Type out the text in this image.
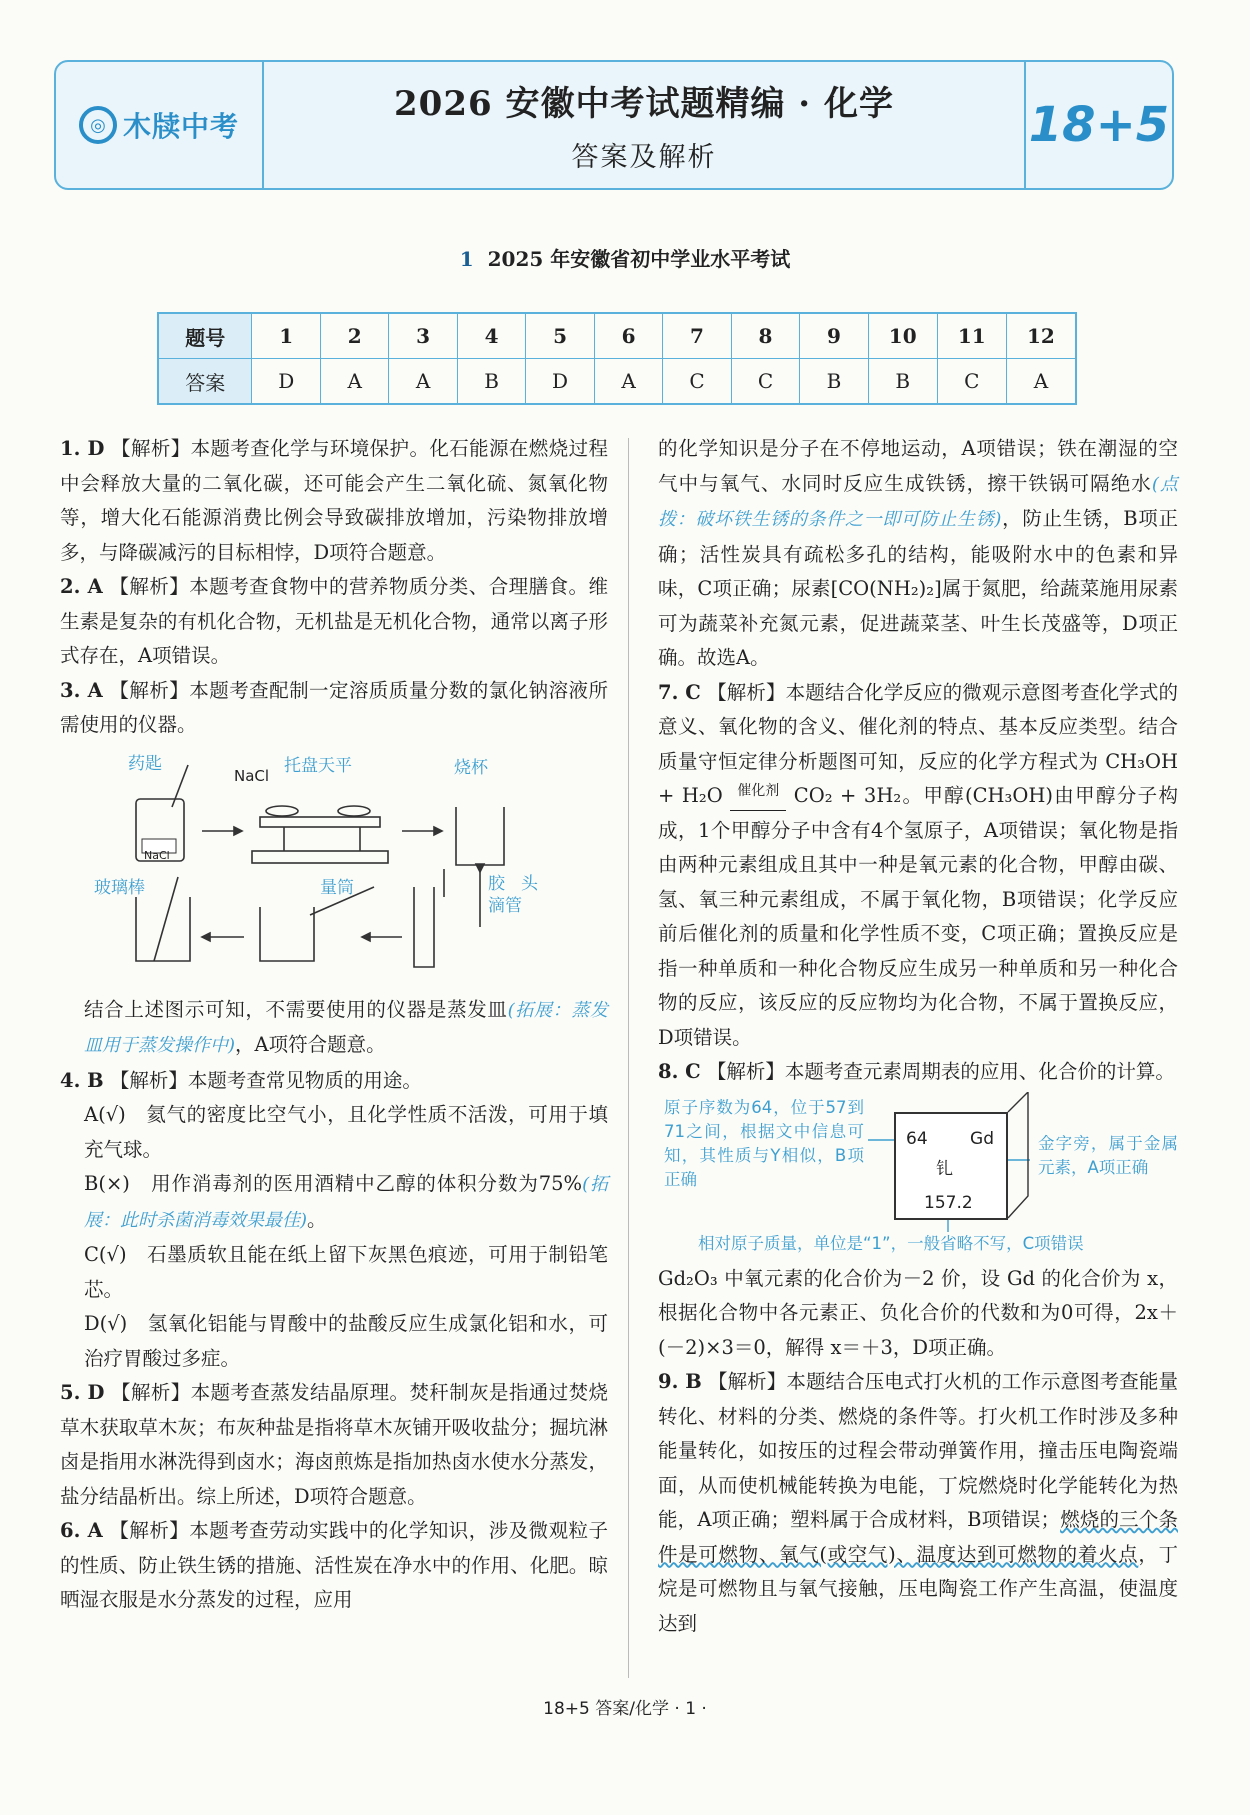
◎ 木牍中考
2026 安徽中考试题精编 · 化学
答案及解析
18+5
1 2025 年安徽省初中学业水平考试
题号	1	2	3	4	5	6	7	8	9	10	11	12
答案	D	A	A	B	D	A	C	C	B	B	C	A

1. D 【解析】本题考查化学与环境保护。化石能源在燃烧过程中会释放大量的二氧化碳，还可能会产生二氧化硫、氮氧化物等，增大化石能源消费比例会导致碳排放增加，污染物排放增多，与降碳减污的目标相悖，D项符合题意。

2. A 【解析】本题考查食物中的营养物质分类、合理膳食。维生素是复杂的有机化合物，无机盐是无机化合物，通常以离子形式存在，A项错误。

3. A 【解析】本题考查配制一定溶质质量分数的氯化钠溶液所需使用的仪器。

药匙
NaCl 托盘天平	烧杯
玻璃棒	量筒	胶头滴管
NaCl

结合上述图示可知，不需要使用的仪器是蒸发皿(拓展：蒸发皿用于蒸发操作中)，A项符合题意。

4. B 【解析】本题考查常见物质的用途。

A(√)　氦气的密度比空气小，且化学性质不活泼，可用于填充气球。

B(×)　用作消毒剂的医用酒精中乙醇的体积分数为75%(拓展：此时杀菌消毒效果最佳)。

C(√)　石墨质软且能在纸上留下灰黑色痕迹，可用于制铅笔芯。

D(√)　氢氧化铝能与胃酸中的盐酸反应生成氯化铝和水，可治疗胃酸过多症。

5. D 【解析】本题考查蒸发结晶原理。焚秆制灰是指通过焚烧草木获取草木灰；布灰种盐是指将草木灰铺开吸收盐分；掘坑淋卤是指用水淋洗得到卤水；海卤煎炼是指加热卤水使水分蒸发，盐分结晶析出。综上所述，D项符合题意。

6. A 【解析】本题考查劳动实践中的化学知识，涉及微观粒子的性质、防止铁生锈的措施、活性炭在净水中的作用、化肥。晾晒湿衣服是水分蒸发的过程，应用

的化学知识是分子在不停地运动，A项错误；铁在潮湿的空气中与氧气、水同时反应生成铁锈，擦干铁锅可隔绝水(点拨：破坏铁生锈的条件之一即可防止生锈)，防止生锈，B项正确；活性炭具有疏松多孔的结构，能吸附水中的色素和异味，C项正确；尿素[CO(NH₂)₂]属于氮肥，给蔬菜施用尿素可为蔬菜补充氮元素，促进蔬菜茎、叶生长茂盛等，D项正确。故选A。

7. C 【解析】本题结合化学反应的微观示意图考查化学式的意义、氧化物的含义、催化剂的特点、基本反应类型。结合质量守恒定律分析题图可知，反应的化学方程式为 CH₃OH + H₂O 催化剂 CO₂ + 3H₂。甲醇(CH₃OH)由甲醇分子构成，1个甲醇分子中含有4个氢原子，A项错误；氧化物是指由两种元素组成且其中一种是氧元素的化合物，甲醇由碳、氢、氧三种元素组成，不属于氧化物，B项错误；化学反应前后催化剂的质量和化学性质不变，C项正确；置换反应是指一种单质和一种化合物反应生成另一种单质和另一种化合物的反应，该反应的反应物均为化合物，不属于置换反应，D项错误。

8. C 【解析】本题考查元素周期表的应用、化合价的计算。

原子序数为64，位于57到71之间，根据文中信息可知，其性质与Y相似，B项正确
64 Gd
钆
157.2
金字旁，属于金属元素，A项正确
相对原子质量，单位是“1”，一般省略不写，C项错误

Gd₂O₃ 中氧元素的化合价为－2 价，设 Gd 的化合价为 x，根据化合物中各元素正、负化合价的代数和为0可得，2x＋(－2)×3＝0，解得 x＝＋3，D项正确。

9. B 【解析】本题结合压电式打火机的工作示意图考查能量转化、材料的分类、燃烧的条件等。打火机工作时涉及多种能量转化，如按压的过程会带动弹簧作用，撞击压电陶瓷端面，从而使机械能转换为电能，丁烷燃烧时化学能转化为热能，A项正确；塑料属于合成材料，B项错误；燃烧的三个条件是可燃物、氧气(或空气)、温度达到可燃物的着火点，丁烷是可燃物且与氧气接触，压电陶瓷工作产生高温，使温度达到

18+5 答案/化学 · 1 ·
